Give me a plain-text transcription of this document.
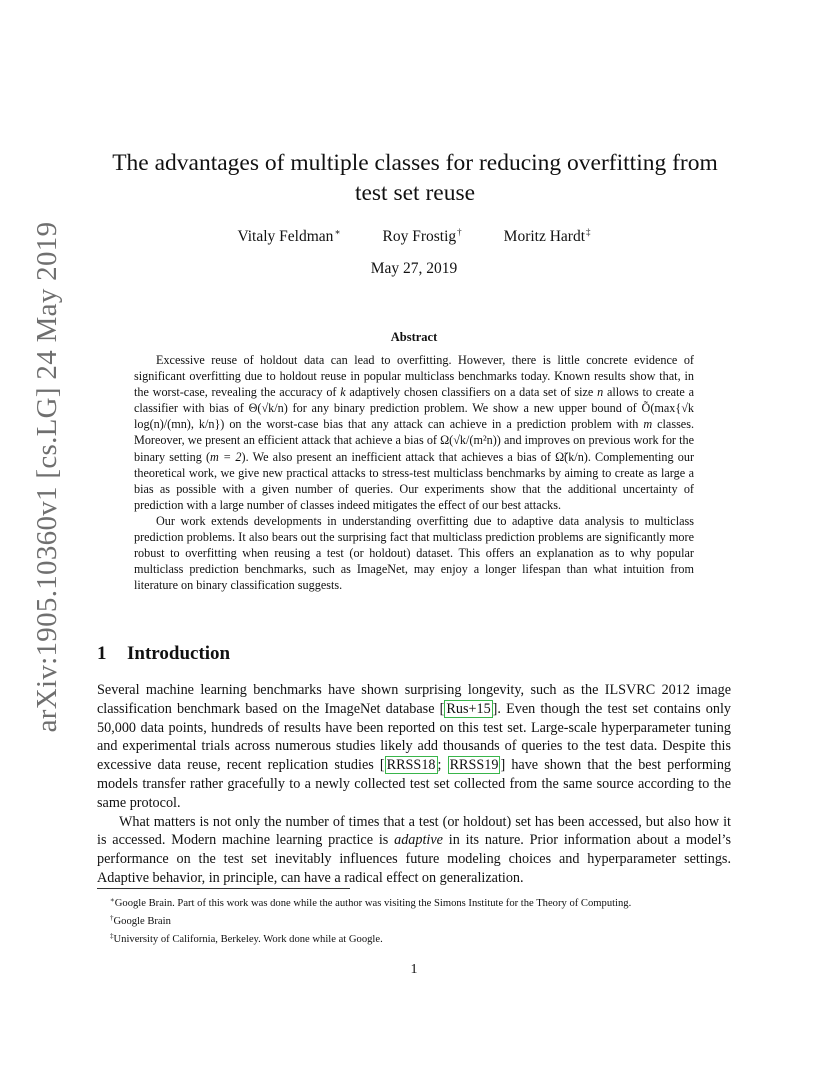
arXiv:1905.10360v1 [cs.LG] 24 May 2019
The advantages of multiple classes for reducing overfitting from test set reuse
Vitaly Feldman∗	Roy Frostig†	Moritz Hardt‡
May 27, 2019
Abstract

Excessive reuse of holdout data can lead to overfitting. However, there is little concrete evidence of significant overfitting due to holdout reuse in popular multiclass benchmarks today. Known results show that, in the worst-case, revealing the accuracy of k adaptively chosen classifiers on a data set of size n allows to create a classifier with bias of Θ(√k/n) for any binary prediction problem. We show a new upper bound of Õ(max{√k log(n)/(mn), k/n}) on the worst-case bias that any attack can achieve in a prediction problem with m classes. Moreover, we present an efficient attack that achieve a bias of Ω(√k/(m²n)) and improves on previous work for the binary setting (m = 2). We also present an inefficient attack that achieves a bias of Ω̃(k/n). Complementing our theoretical work, we give new practical attacks to stress-test multiclass benchmarks by aiming to create as large a bias as possible with a given number of queries. Our experiments show that the additional uncertainty of prediction with a large number of classes indeed mitigates the effect of our best attacks.

Our work extends developments in understanding overfitting due to adaptive data analysis to multiclass prediction problems. It also bears out the surprising fact that multiclass prediction problems are significantly more robust to overfitting when reusing a test (or holdout) dataset. This offers an explanation as to why popular multiclass prediction benchmarks, such as ImageNet, may enjoy a longer lifespan than what intuition from literature on binary classification suggests.

1 Introduction

Several machine learning benchmarks have shown surprising longevity, such as the ILSVRC 2012 image classification benchmark based on the ImageNet database [ Rus+15 ]. Even though the test set contains only 50,000 data points, hundreds of results have been reported on this test set. Large-scale hyperparameter tuning and experimental trials across numerous studies likely add thousands of queries to the test data. Despite this excessive data reuse, recent replication studies [ RRSS18 ; RRSS19 ] have shown that the best performing models transfer rather gracefully to a newly collected test set collected from the same source according to the same protocol.

What matters is not only the number of times that a test (or holdout) set has been accessed, but also how it is accessed. Modern machine learning practice is adaptive in its nature. Prior information about a model’s performance on the test set inevitably influences future modeling choices and hyperparameter settings. Adaptive behavior, in principle, can have a radical effect on generalization.

∗Google Brain. Part of this work was done while the author was visiting the Simons Institute for the Theory of Computing.
†Google Brain
‡University of California, Berkeley. Work done while at Google.
1
